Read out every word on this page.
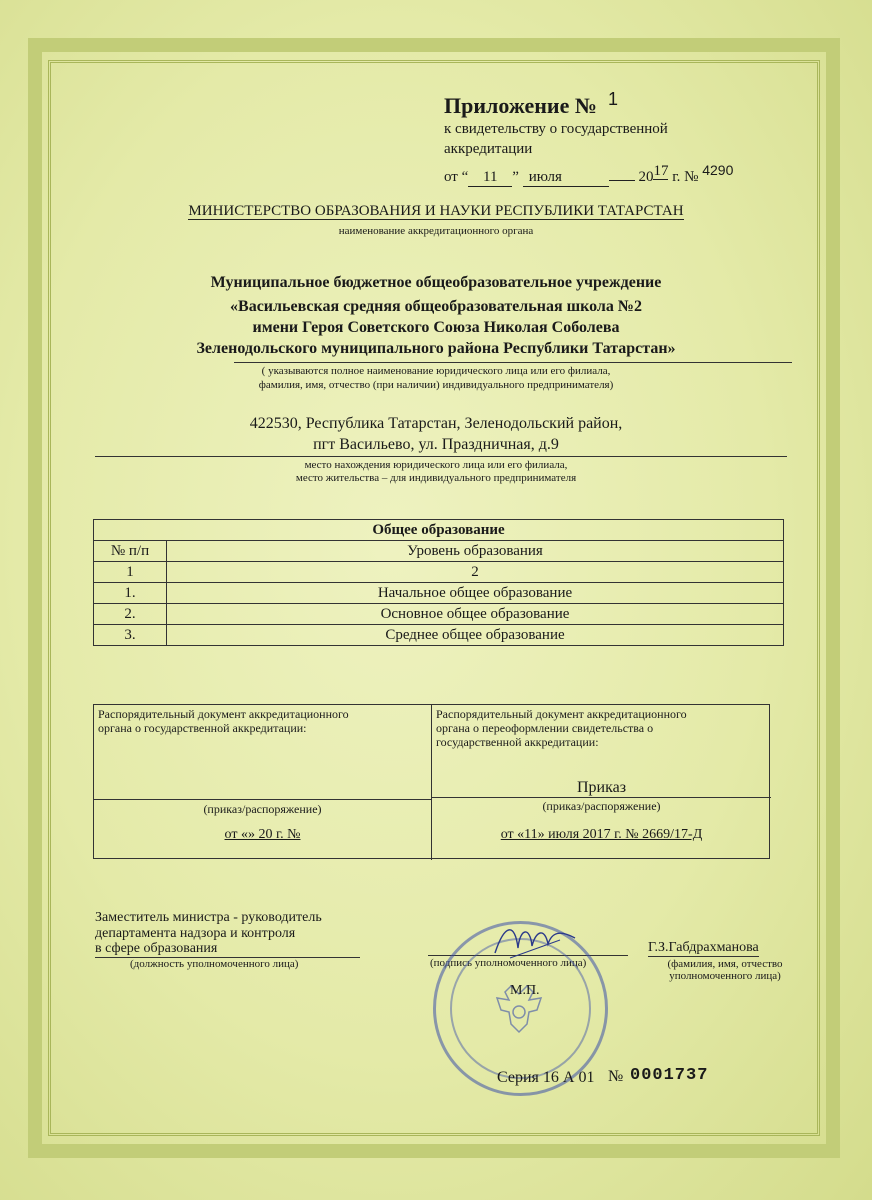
Приложение № 1
к свидетельству о государственной
аккредитации
от “ 11 ” июля	$20^{17}$ г. № $^{4290}$
МИНИСТЕРСТВО ОБРАЗОВАНИЯ И НАУКИ РЕСПУБЛИКИ ТАТАРСТАН
наименование аккредитационного органа
Муниципальное бюджетное общеобразовательное учреждение
«Васильевская средняя общеобразовательная школа №2
имени Героя Советского Союза Николая Соболева
Зеленодольского муниципального района Республики Татарстан»
( указываются полное наименование юридического лица или его филиала,
фамилия, имя, отчество (при наличии) индивидуального предпринимателя)
422530, Республика Татарстан, Зеленодольский район,
пгт Васильево, ул. Праздничная, д.9
место нахождения юридического лица или его филиала,
место жительства – для индивидуального предпринимателя
Общее образование	
№ п/п	Уровень образования
1	2
1.	Начальное общее образование
2.	Основное общее образование
3.	Среднее общее образование
Распорядительный документ аккредитационного
органа о государственной аккредитации:
(приказ/распоряжение)
от «» 20 г. №
Распорядительный документ аккредитационного
органа о переоформлении свидетельства о
государственной аккредитации:
Приказ
(приказ/распоряжение)
от «11» июля 2017 г. № 2669/17-Д
Заместитель министра - руководитель
департамента надзора и контроля
в сфере образования
(должность уполномоченного лица)	(подпись уполномоченного лица)
Г.З.Габдрахманова
(фамилия, имя, отчество
уполномоченного лица)
М.П.
Серия 16 А 01 № 0001737
